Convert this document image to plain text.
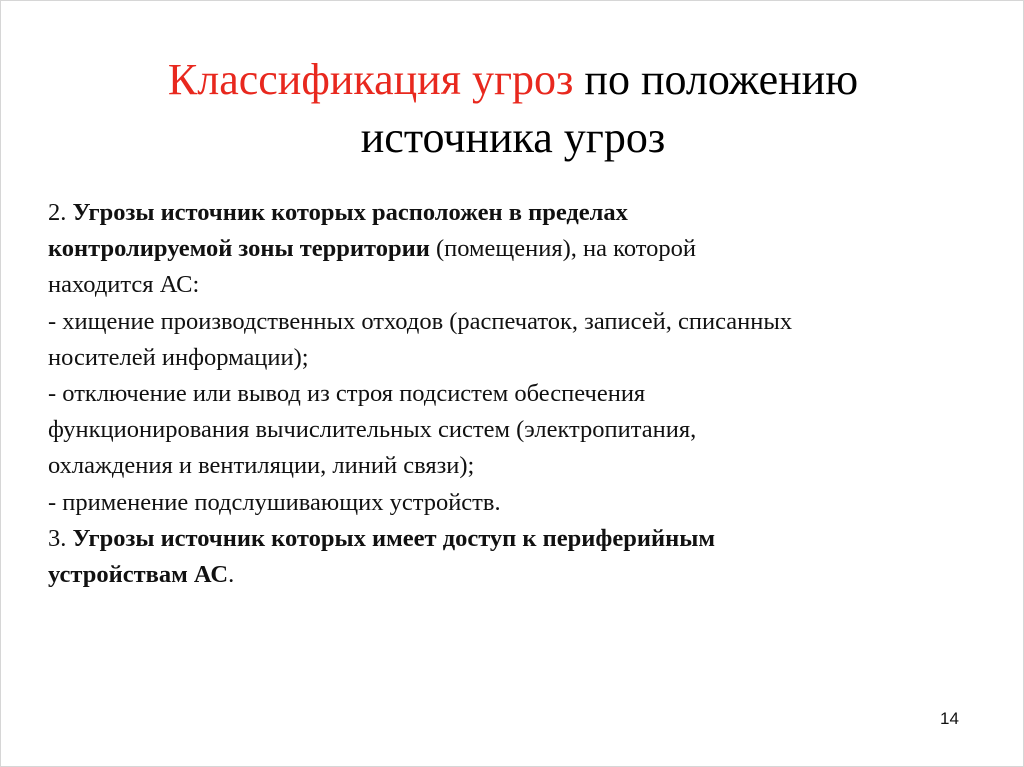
Классификация угроз по положению
источника угроз
2. Угрозы источник которых расположен в пределах
контролируемой зоны территории (помещения), на которой
находится АС:
- хищение производственных отходов (распечаток, записей, списанных
носителей информации);
- отключение или вывод из строя подсистем обеспечения
функционирования вычислительных систем (электропитания,
охлаждения и вентиляции, линий связи);
- применение подслушивающих устройств.
3. Угрозы источник которых имеет доступ к периферийным
устройствам АС.
14
